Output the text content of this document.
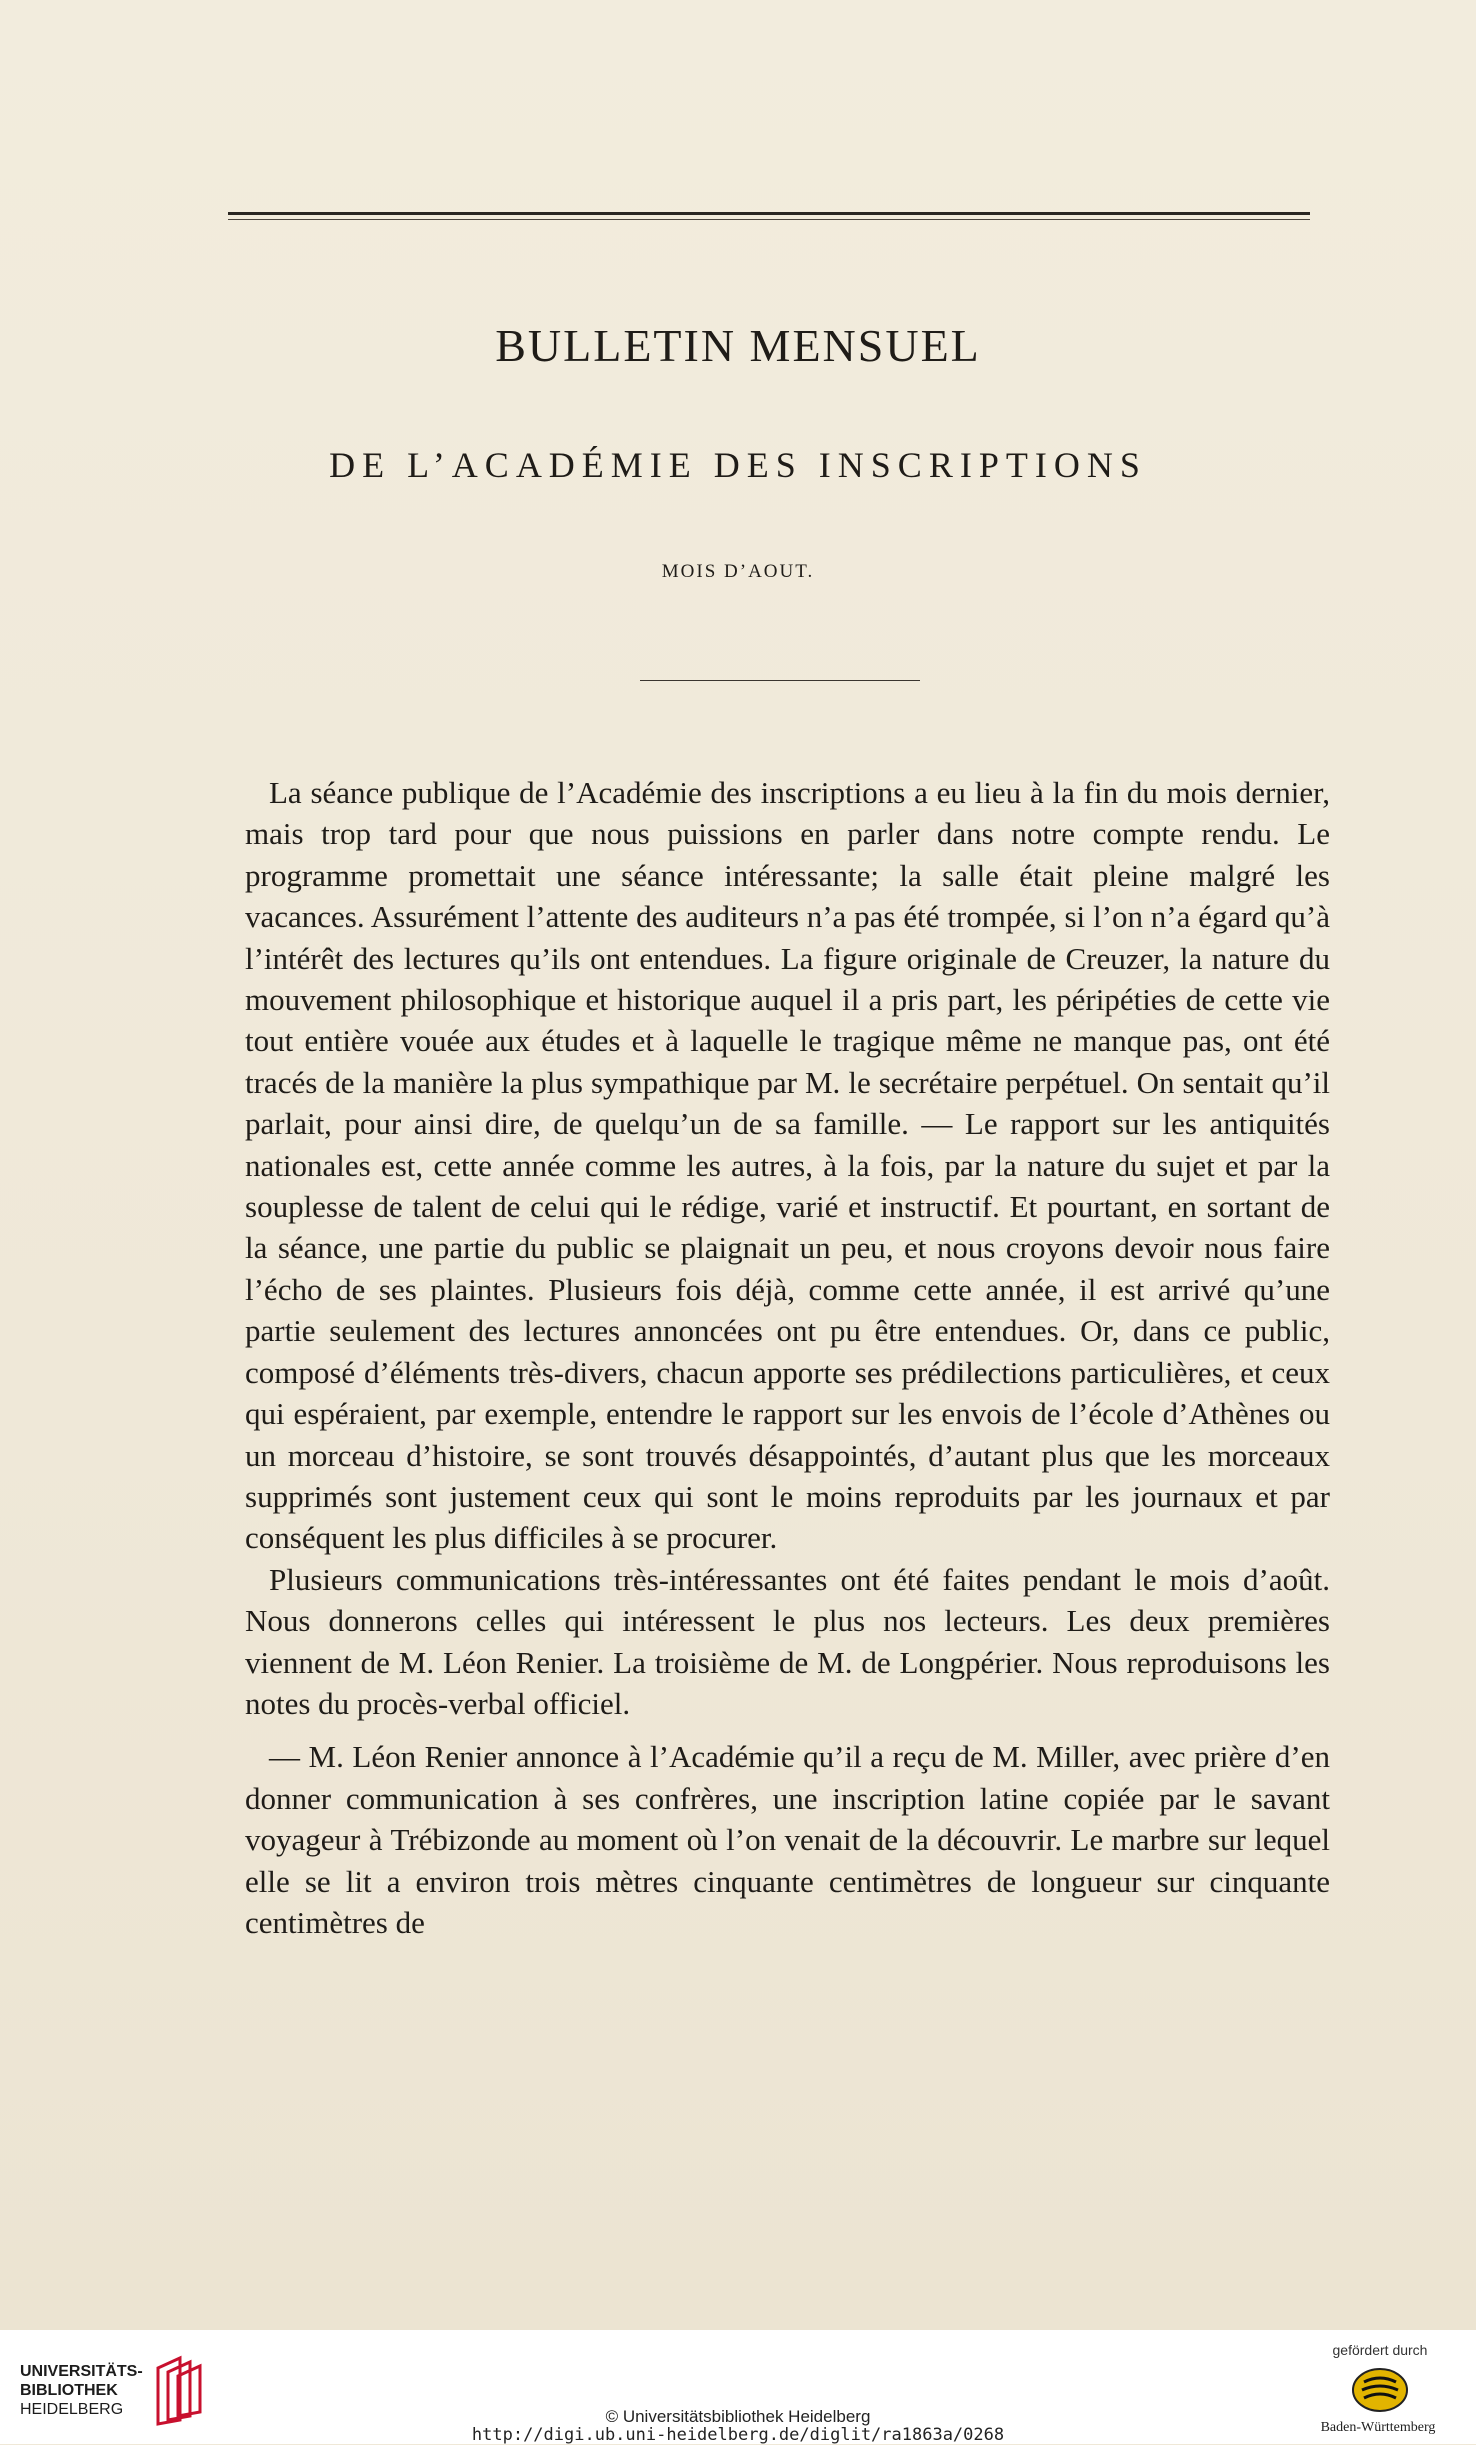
BULLETIN MENSUEL
DE L’ACADÉMIE DES INSCRIPTIONS
MOIS D’AOUT.

La séance publique de l’Académie des inscriptions a eu lieu à la fin du mois dernier, mais trop tard pour que nous puissions en parler dans notre compte rendu. Le programme promettait une séance intéressante; la salle était pleine malgré les vacances. Assurément l’attente des auditeurs n’a pas été trompée, si l’on n’a égard qu’à l’intérêt des lectures qu’ils ont entendues. La figure originale de Creuzer, la nature du mouvement philosophique et historique auquel il a pris part, les péripéties de cette vie tout entière vouée aux études et à laquelle le tragique même ne manque pas, ont été tracés de la manière la plus sympathique par M. le secrétaire perpétuel. On sentait qu’il parlait, pour ainsi dire, de quelqu’un de sa famille. — Le rapport sur les antiquités nationales est, cette année comme les autres, à la fois, par la nature du sujet et par la souplesse de talent de celui qui le rédige, varié et instructif. Et pourtant, en sortant de la séance, une partie du public se plaignait un peu, et nous croyons devoir nous faire l’écho de ses plaintes. Plusieurs fois déjà, comme cette année, il est arrivé qu’une partie seulement des lectures annoncées ont pu être entendues. Or, dans ce public, composé d’éléments très-divers, chacun apporte ses prédilections particulières, et ceux qui espéraient, par exemple, entendre le rapport sur les envois de l’école d’Athènes ou un morceau d’histoire, se sont trouvés désappointés, d’autant plus que les morceaux supprimés sont justement ceux qui sont le moins reproduits par les journaux et par conséquent les plus difficiles à se procurer.

Plusieurs communications très-intéressantes ont été faites pendant le mois d’août. Nous donnerons celles qui intéressent le plus nos lecteurs. Les deux premières viennent de M. Léon Renier. La troisième de M. de Longpérier. Nous reproduisons les notes du procès-verbal officiel.

— M. Léon Renier annonce à l’Académie qu’il a reçu de M. Miller, avec prière d’en donner communication à ses confrères, une inscription latine copiée par le savant voyageur à Trébizonde au moment où l’on venait de la découvrir. Le marbre sur lequel elle se lit a environ trois mètres cinquante centimètres de longueur sur cinquante centimètres de

UNIVERSITÄTS-
BIBLIOTHEK
HEIDELBERG	© Universitätsbibliothek Heidelberg
http://digi.ub.uni-heidelberg.de/diglit/ra1863a/0268
gefördert durch
Baden-Württemberg
